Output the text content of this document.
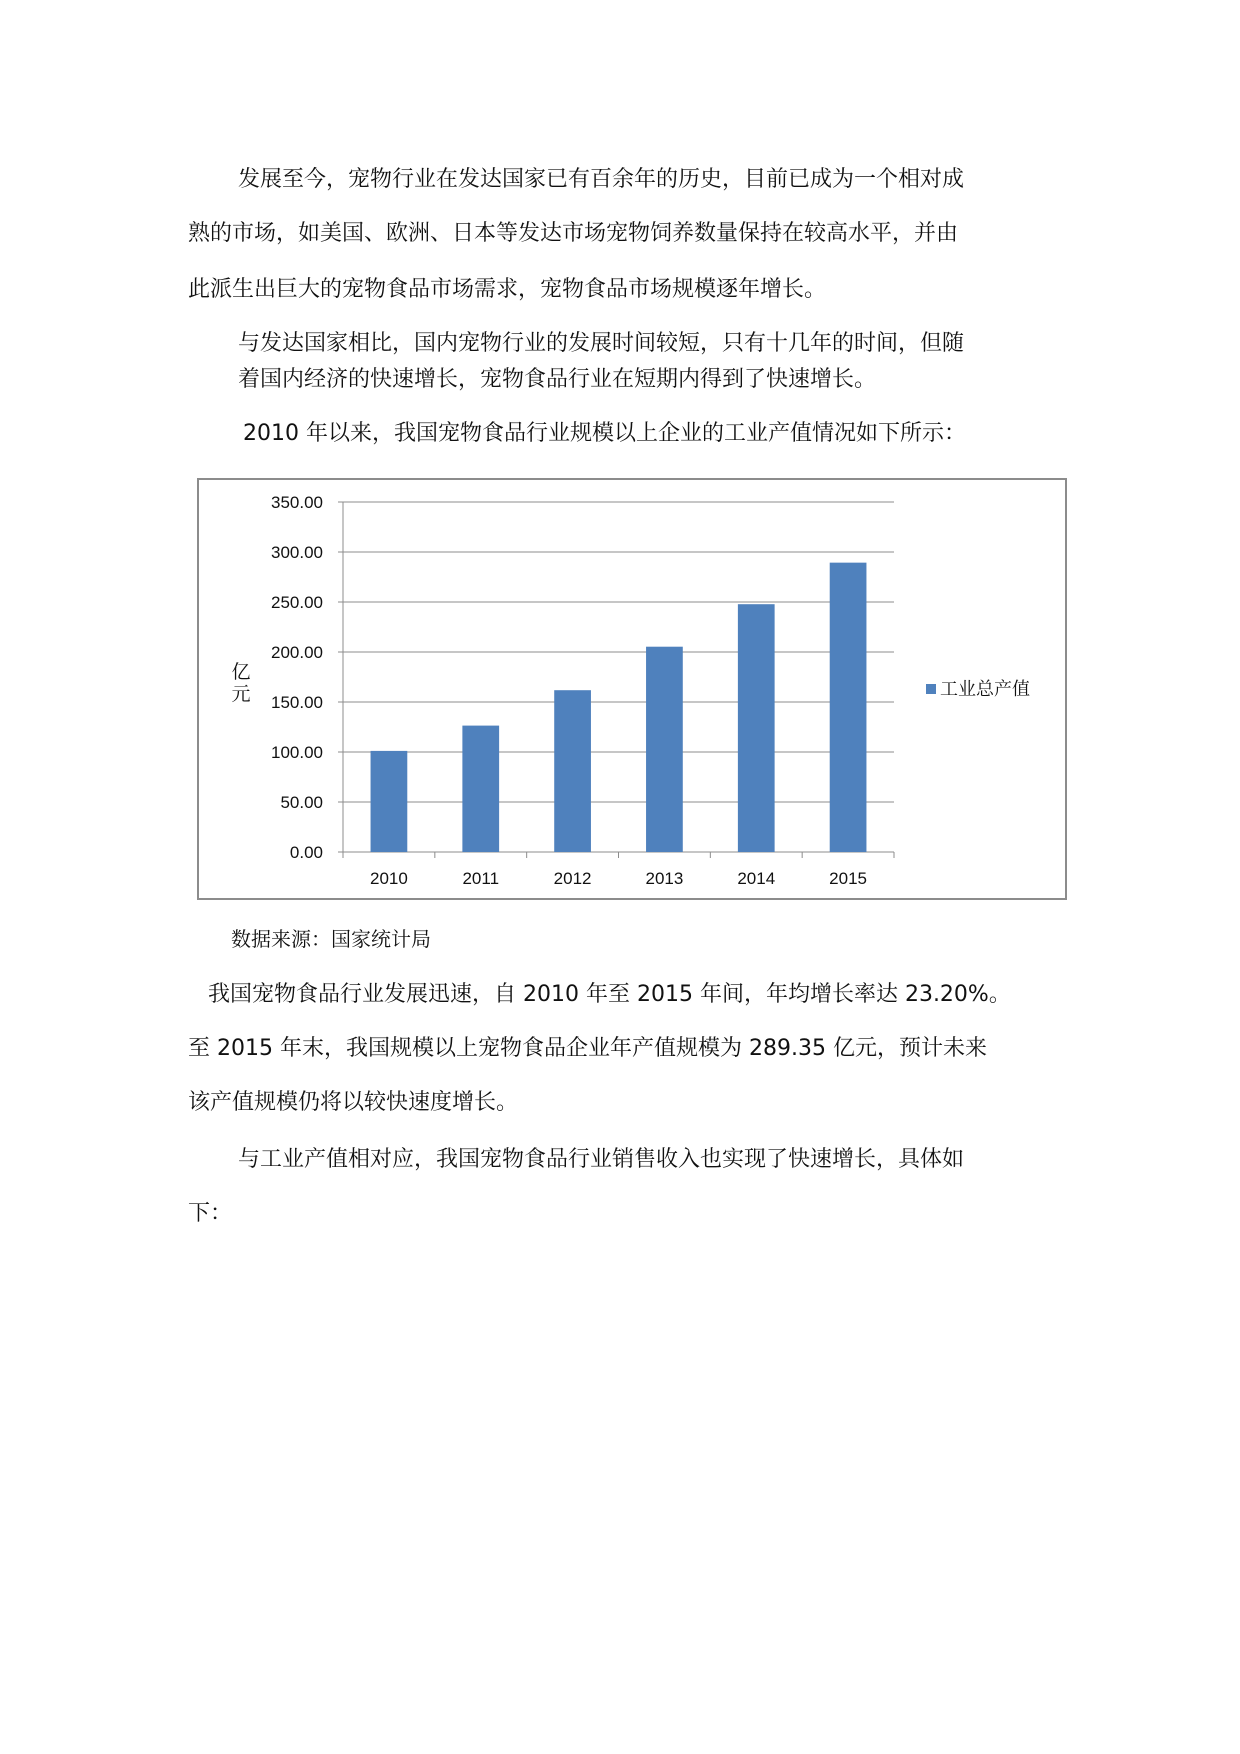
发展至今，宠物行业在发达国家已有百余年的历史，目前已成为一个相对成
熟的市场，如美国、欧洲、日本等发达市场宠物饲养数量保持在较高水平，并由
此派生出巨大的宠物食品市场需求，宠物食品市场规模逐年增长。
与发达国家相比，国内宠物行业的发展时间较短，只有十几年的时间，但随
着国内经济的快速增长，宠物食品行业在短期内得到了快速增长。
2010 年以来，我国宠物食品行业规模以上企业的工业产值情况如下所示：
0.00
50.00
100.00
150.00
200.00
250.00
300.00
350.00
2010	2011	2012	2013	2014	2015
亿元	工业总产值
数据来源：国家统计局
我国宠物食品行业发展迅速，自 2010 年至 2015 年间，年均增长率达 23.20%。
至 2015 年末，我国规模以上宠物食品企业年产值规模为 289.35 亿元，预计未来
该产值规模仍将以较快速度增长。
与工业产值相对应，我国宠物食品行业销售收入也实现了快速增长，具体如
下：
